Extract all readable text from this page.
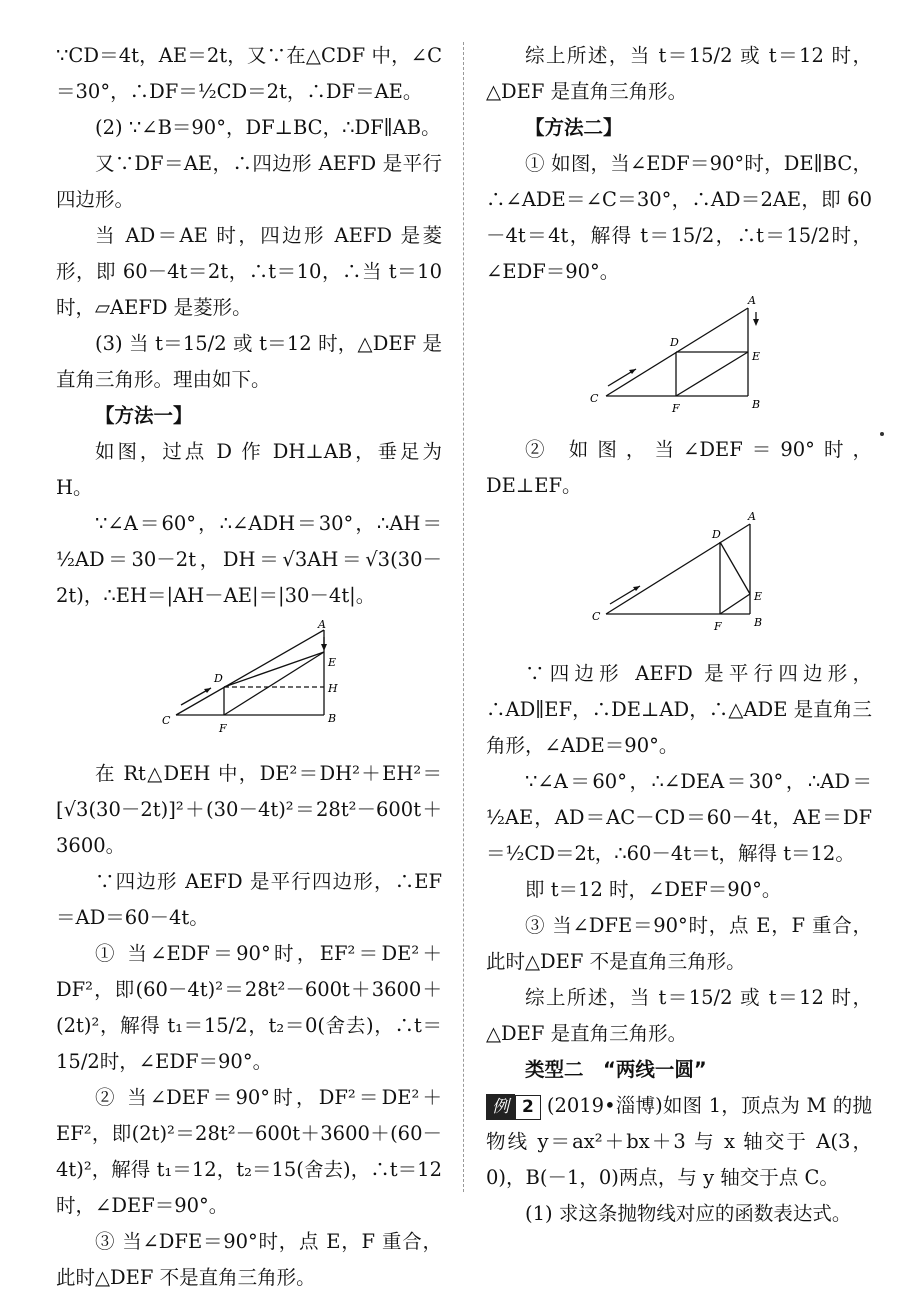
∵CD＝4t，AE＝2t，又∵在△CDF 中，∠C＝30°，∴DF＝½CD＝2t，∴DF＝AE。

(2) ∵∠B＝90°，DF⊥BC，∴DF∥AB。

又∵DF＝AE，∴四边形 AEFD 是平行四边形。

当 AD＝AE 时，四边形 AEFD 是菱形，即 60－4t＝2t，∴t＝10，∴当 t＝10 时，▱AEFD 是菱形。

(3) 当 t＝15/2 或 t＝12 时，△DEF 是直角三角形。理由如下。

【方法一】

如图，过点 D 作 DH⊥AB，垂足为 H。

∵∠A＝60°，∴∠ADH＝30°，∴AH＝½AD＝30－2t，DH＝√3AH＝√3(30－2t)，∴EH＝|AH－AE|＝|30－4t|。

A
B
C
D
E
F
H

在 Rt△DEH 中，DE²＝DH²＋EH²＝[√3(30－2t)]²＋(30－4t)²＝28t²－600t＋3600。

∵四边形 AEFD 是平行四边形，∴EF＝AD＝60－4t。

① 当∠EDF＝90°时，EF²＝DE²＋DF²，即(60－4t)²＝28t²－600t＋3600＋(2t)²，解得 t₁＝15/2，t₂＝0(舍去)，∴t＝15/2时，∠EDF＝90°。

② 当∠DEF＝90°时，DF²＝DE²＋EF²，即(2t)²＝28t²－600t＋3600＋(60－4t)²，解得 t₁＝12，t₂＝15(舍去)，∴t＝12 时，∠DEF＝90°。

③ 当∠DFE＝90°时，点 E，F 重合，此时△DEF 不是直角三角形。

综上所述，当 t＝15/2 或 t＝12 时，△DEF 是直角三角形。

【方法二】

① 如图，当∠EDF＝90°时，DE∥BC，∴∠ADE＝∠C＝30°，∴AD＝2AE，即 60－4t＝4t，解得 t＝15/2，∴t＝15/2时，∠EDF＝90°。

A
B
C
D
E
F

② 如图，当∠DEF＝90°时，DE⊥EF。

A
B
C
D
E
F

∵四边形 AEFD 是平行四边形，∴AD∥EF，∴DE⊥AD，∴△ADE 是直角三角形，∠ADE＝90°。

∵∠A＝60°，∴∠DEA＝30°，∴AD＝½AE，AD＝AC－CD＝60－4t，AE＝DF＝½CD＝2t，∴60－4t＝t，解得 t＝12。

即 t＝12 时，∠DEF＝90°。

③ 当∠DFE＝90°时，点 E，F 重合，此时△DEF 不是直角三角形。

综上所述，当 t＝15/2 或 t＝12 时，△DEF 是直角三角形。

类型二　“两线一圆”

例 2 (2019•淄博)如图 1，顶点为 M 的抛物线 y＝ax²＋bx＋3 与 x 轴交于 A(3，0)，B(－1，0)两点，与 y 轴交于点 C。

(1) 求这条抛物线对应的函数表达式。
